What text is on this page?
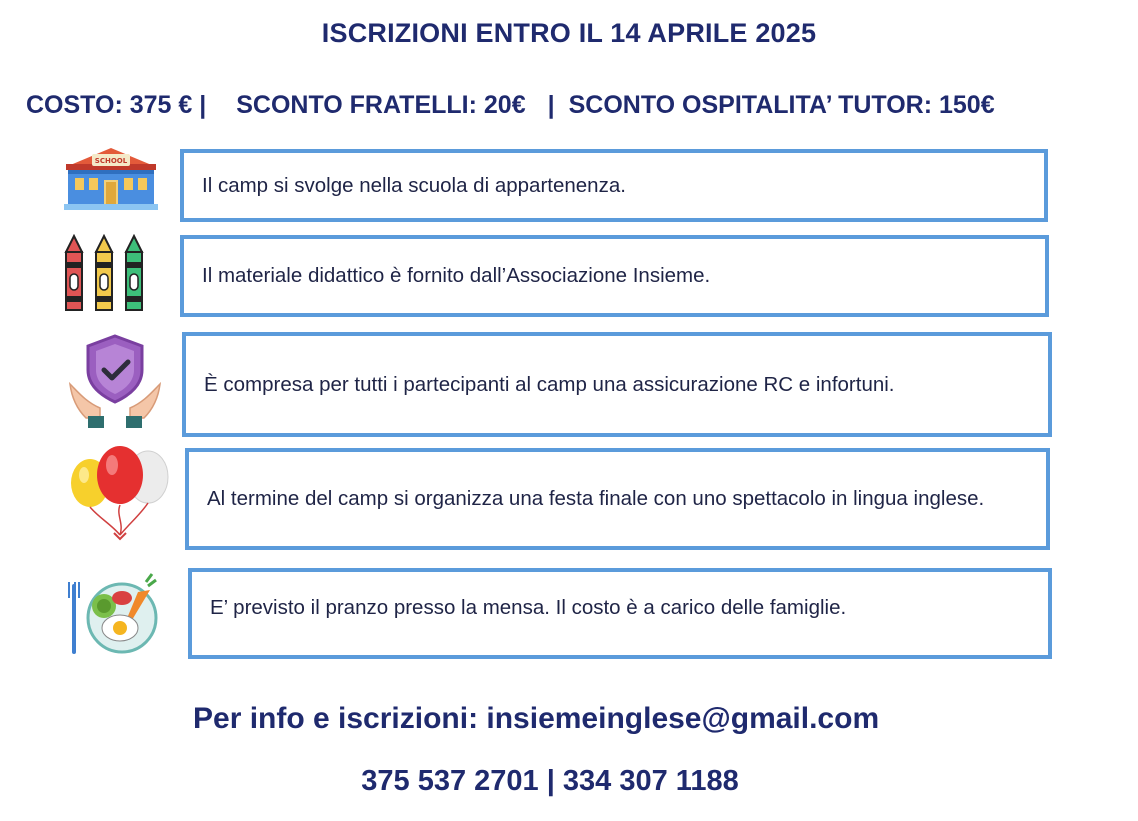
ISCRIZIONI ENTRO IL 14 APRILE 2025
COSTO: 375 € | SCONTO FRATELLI: 20€ | SCONTO OSPITALITA’ TUTOR: 150€
SCHOOL
Il camp si svolge nella scuola di appartenenza.
Il materiale didattico è fornito dall’Associazione Insieme.
È compresa per tutti i partecipanti al camp una assicurazione RC e infortuni.
Al termine del camp si organizza una festa finale con uno spettacolo in lingua inglese.
E’ previsto il pranzo presso la mensa. Il costo è a carico delle famiglie.
Per info e iscrizioni: insiemeinglese@gmail.com
375 537 2701 | 334 307 1188
